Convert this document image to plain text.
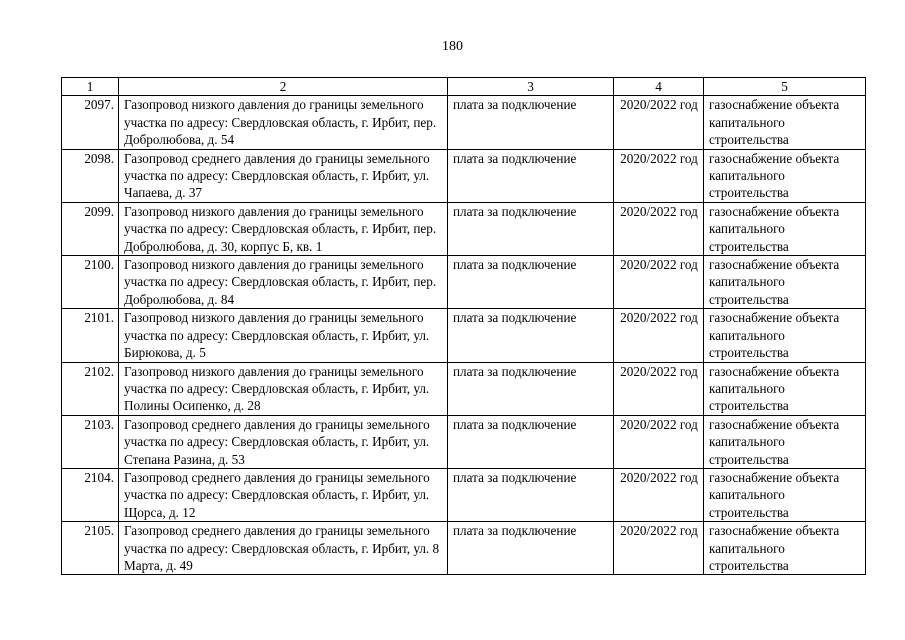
180
1	2	3	4	5
2097.	Газопровод низкого давления до границы земельного участка по адресу: Свердловская область, г. Ирбит, пер. Добролюбова, д. 54	плата за подключение	2020/2022 год	газоснабжение объекта капитального строительства
2098.	Газопровод среднего давления до границы земельного участка по адресу: Свердловская область, г. Ирбит, ул. Чапаева, д. 37	плата за подключение	2020/2022 год	газоснабжение объекта капитального строительства
2099.	Газопровод низкого давления до границы земельного участка по адресу: Свердловская область, г. Ирбит, пер. Добролюбова, д. 30, корпус Б, кв. 1	плата за подключение	2020/2022 год	газоснабжение объекта капитального строительства
2100.	Газопровод низкого давления до границы земельного участка по адресу: Свердловская область, г. Ирбит, пер. Добролюбова, д. 84	плата за подключение	2020/2022 год	газоснабжение объекта капитального строительства
2101.	Газопровод низкого давления до границы земельного участка по адресу: Свердловская область, г. Ирбит, ул. Бирюкова, д. 5	плата за подключение	2020/2022 год	газоснабжение объекта капитального строительства
2102.	Газопровод низкого давления до границы земельного участка по адресу: Свердловская область, г. Ирбит, ул. Полины Осипенко, д. 28	плата за подключение	2020/2022 год	газоснабжение объекта капитального строительства
2103.	Газопровод среднего давления до границы земельного участка по адресу: Свердловская область, г. Ирбит, ул. Степана Разина, д. 53	плата за подключение	2020/2022 год	газоснабжение объекта капитального строительства
2104.	Газопровод среднего давления до границы земельного участка по адресу: Свердловская область, г. Ирбит, ул. Щорса, д. 12	плата за подключение	2020/2022 год	газоснабжение объекта капитального строительства
2105.	Газопровод среднего давления до границы земельного участка по адресу: Свердловская область, г. Ирбит, ул. 8 Марта, д. 49	плата за подключение	2020/2022 год	газоснабжение объекта капитального строительства
